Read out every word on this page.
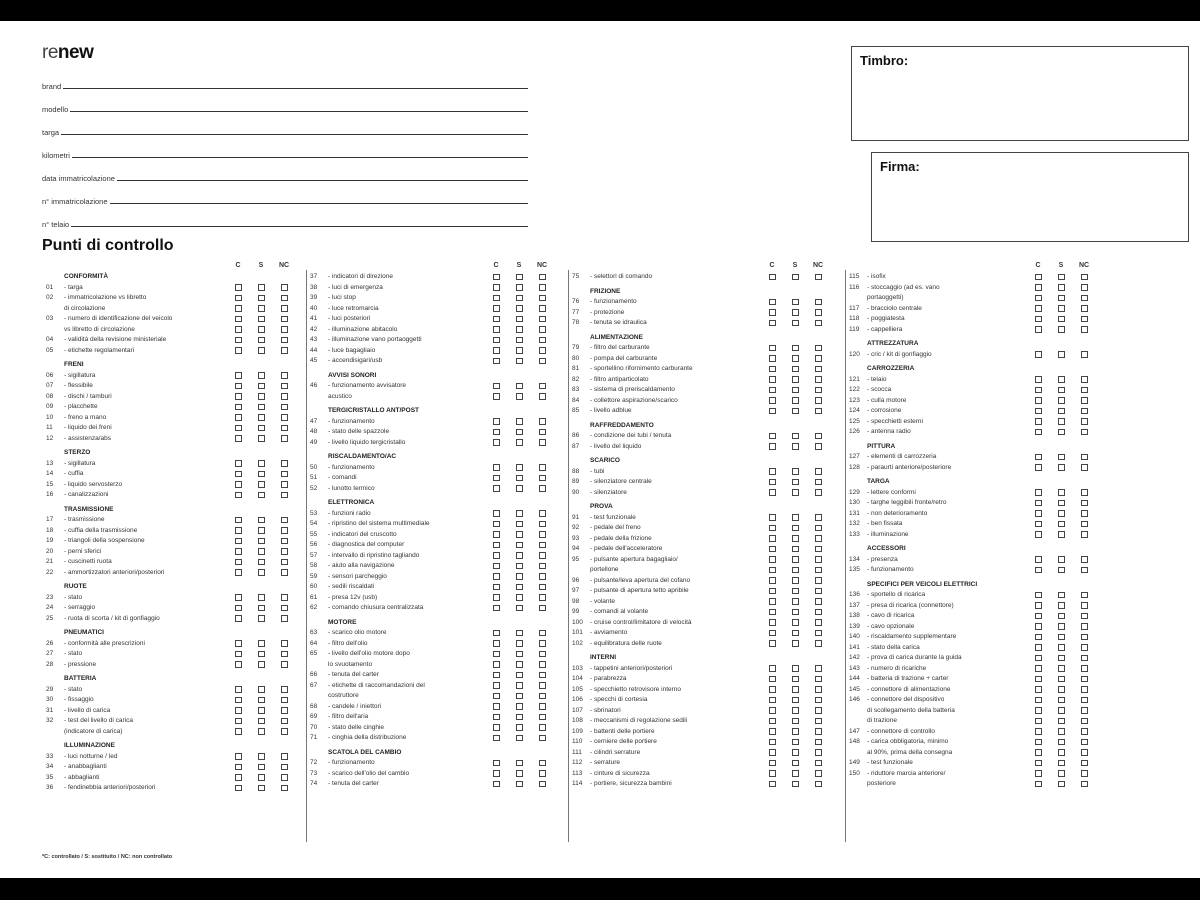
renew
brand
modello
targa
kilometri
data immatricolazione
n° immatricolazione
n° telaio
Timbro:
Firma:
Punti di controllo
C	S	NC
CONFORMITÀ
01	- targa
02	- immatricolazione vs libretto
di circolazione
03	- numero di identificazione del veicolo
vs libretto di circolazione
04	- validità della revisione ministeriale
05	- etichette regolamentari
FRENI
06	- sigillatura
07	- flessibile
08	- dischi / tamburi
09	- placchette
10	- freno a mano
11	- liquido dei freni
12	- assistenza/abs
STERZO
13	- sigillatura
14	- cuffia
15	- liquido servosterzo
16	- canalizzazioni
TRASMISSIONE
17	- trasmissione
18	- cuffia della trasmissione
19	- triangoli della sospensione
20	- perni sferici
21	- cuscinetti ruota
22	- ammortizzatori anteriori/posteriori
RUOTE
23	- stato
24	- serraggio
25	- ruota di scorta / kit di gonfiaggio
PNEUMATICI
26	- conformità alle prescrizioni
27	- stato
28	- pressione
BATTERIA
29	- stato
30	- fissaggio
31	- livello di carica
32	- test del livello di carica
(indicatore di carica)
ILLUMINAZIONE
33	- luci notturne / led
34	- anabbaglianti
35	- abbaglianti
36	- fendinebbia anteriori/posteriori
C	S	NC
37	- indicatori di direzione
38	- luci di emergenza
39	- luci stop
40	- luce retromarcia
41	- luci posteriori
42	- illuminazione abitacolo
43	- illuminazione vano portaoggetti
44	- luce bagagliaio
45	- accendisigari/usb
AVVISI SONORI
46	- funzionamento avvisatore
acustico
TERGICRISTALLO ANT/POST
47	- funzionamento
48	- stato delle spazzole
49	- livello liquido tergicristallo
RISCALDAMENTO/AC
50	- funzionamento
51	- comandi
52	- lunotto termico
ELETTRONICA
53	- funzioni radio
54	- ripristino del sistema multimediale
55	- indicatori del cruscotto
56	- diagnostica del computer
57	- intervallo di ripristino tagliando
58	- aiuto alla navigazione
59	- sensori parcheggio
60	- sedili riscaldati
61	- presa 12v (usb)
62	- comando chiusura centralizzata
MOTORE
63	- scarico olio motore
64	- filtro dell'olio
65	- livello dell'olio motore dopo
lo svuotamento
66	- tenuta del carter
67	- etichette di raccomandazioni del
costruttore
68	- candele / iniettori
69	- filtro dell'aria
70	- stato delle cinghie
71	- cinghia della distribuzione
SCATOLA DEL CAMBIO
72	- funzionamento
73	- scarico dell'olio del cambio
74	- tenuta del carter
C	S	NC
75	- selettori di comando
FRIZIONE
76	- funzionamento
77	- protezione
78	- tenuta se idraulica
ALIMENTAZIONE
79	- filtro del carburante
80	- pompa del carburante
81	- sportellino rifornimento carburante
82	- filtro antiparticolato
83	- sistema di preriscaldamento
84	- collettore aspirazione/scarico
85	- livello adblue
RAFFREDDAMENTO
86	- condizione dei tubi / tenuta
87	- livello del liquido
SCARICO
88	- tubi
89	- silenziatore centrale
90	- silenziatore
PROVA
91	- test funzionale
92	- pedale del freno
93	- pedale della frizione
94	- pedale dell'acceleratore
95	- pulsante apertura bagagliaio/
portellone
96	- pulsante/leva apertura del cofano
97	- pulsante di apertura tetto apribile
98	- volante
99	- comandi al volante
100	- cruise control/limitatore di velocità
101	- avviamento
102	- equilibratura delle ruote
INTERNI
103	- tappetini anteriori/posteriori
104	- parabrezza
105	- specchietto retrovisore interno
106	- specchi di cortesia
107	- sbrinatori
108	- meccanismi di regolazione sedili
109	- battenti delle portiere
110	- cerniere delle portiere
111	- cilindri serrature
112	- serrature
113	- cinture di sicurezza
114	- portiere, sicurezza bambini
C	S	NC
115	- isofix
116	- stoccaggio (ad es. vano
portaoggetti)
117	- bracciolo centrale
118	- poggiatesta
119	- cappelliera
ATTREZZATURA
120	- cric / kit di gonfiaggio
CARROZZERIA
121	- telaio
122	- scocca
123	- culla motore
124	- corrosione
125	- specchietti esterni
126	- antenna radio
PITTURA
127	- elementi di carrozzeria
128	- paraurti anteriore/posteriore
TARGA
129	- lettere conformi
130	- targhe leggibili fronte/retro
131	- non deterioramento
132	- ben fissata
133	- illuminazione
ACCESSORI
134	- presenza
135	- funzionamento
SPECIFICI PER VEICOLI ELETTRICI
136	- sportello di ricarica
137	- presa di ricarica (connettore)
138	- cavo di ricarica
139	- cavo opzionale
140	- riscaldamento supplementare
141	- stato della carica
142	- prova di carica durante la guida
143	- numero di ricariche
144	- batteria di trazione + carter
145	- connettore di alimentazione
146	- connettore del dispositivo
di scollegamento della batteria
di trazione
147	- connettore di controllo
148	- carica obbligatoria, minimo
al 90%, prima della consegna
149	- test funzionale
150	- riduttore marcia anteriore/
posteriore
*C: controllato / S: sostituito / NC: non controllato
